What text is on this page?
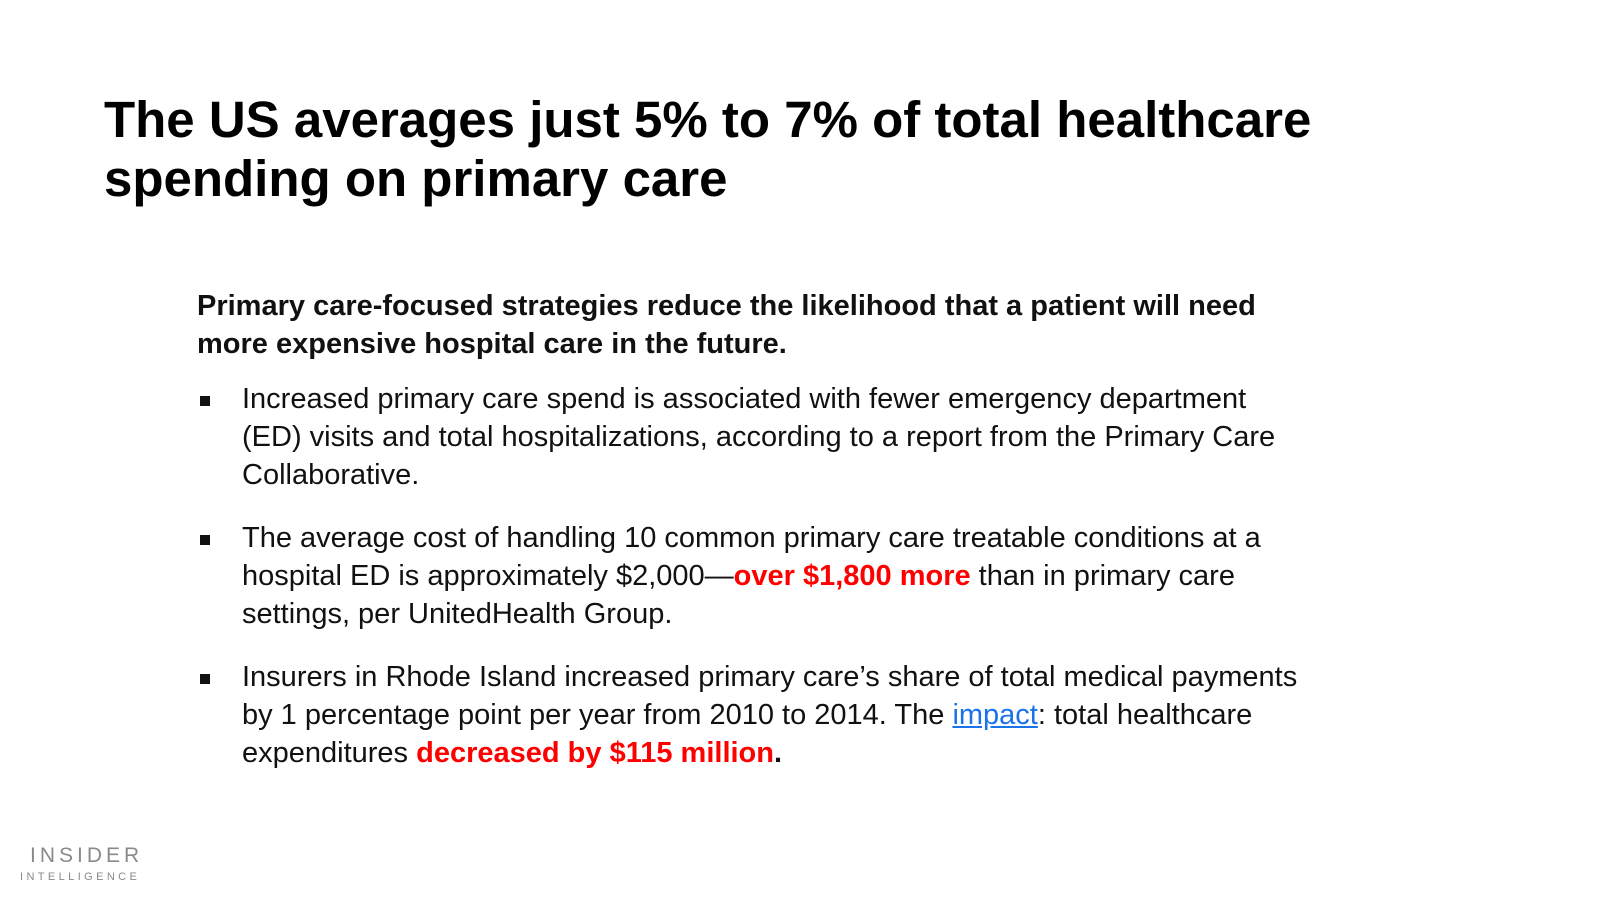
The US averages just 5% to 7% of total healthcare
spending on primary care

Primary care-focused strategies reduce the likelihood that a patient will need
more expensive hospital care in the future.

Increased primary care spend is associated with fewer emergency department
(ED) visits and total hospitalizations, according to a report from the Primary Care
Collaborative.
The average cost of handling 10 common primary care treatable conditions at a
hospital ED is approximately $2,000—over $1,800 more than in primary care
settings, per UnitedHealth Group.
Insurers in Rhode Island increased primary care’s share of total medical payments
by 1 percentage point per year from 2010 to 2014. The impact: total healthcare
expenditures decreased by $115 million.
INSIDER
INTELLIGENCE
